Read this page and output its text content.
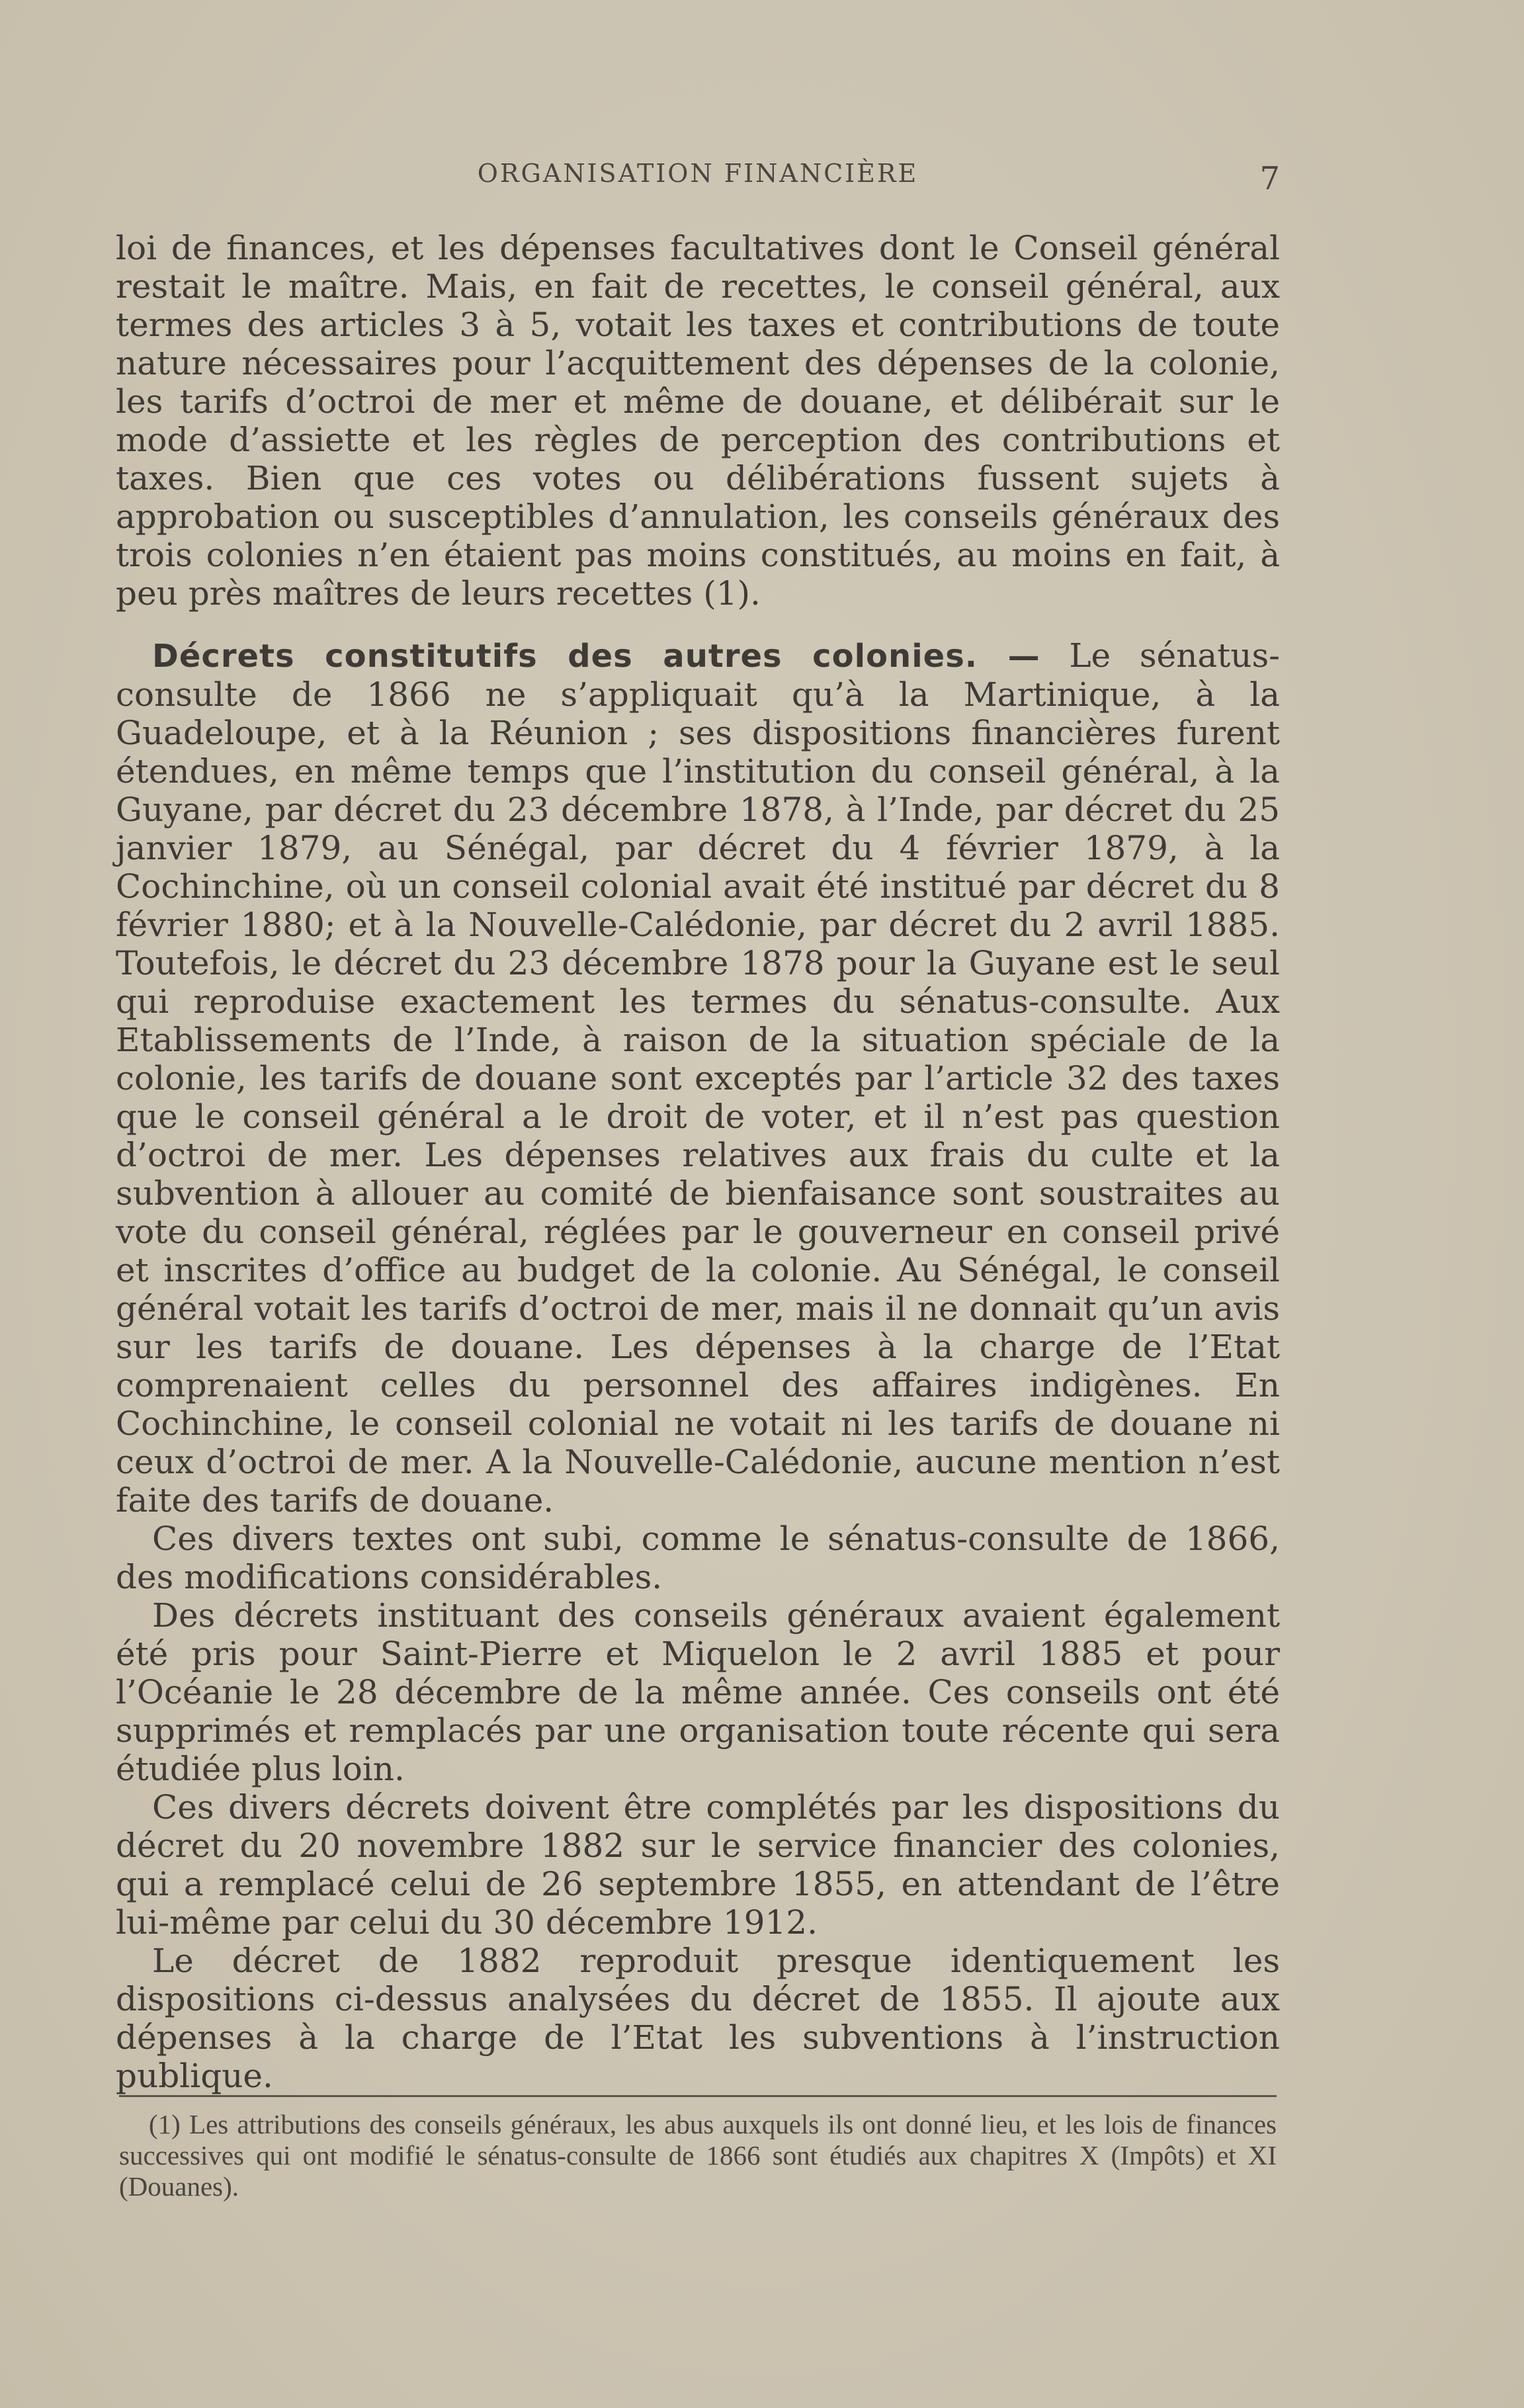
ORGANISATION FINANCIÈRE	7

loi de finances, et les dépenses facultatives dont le Conseil général restait le maître. Mais, en fait de recettes, le conseil général, aux termes des articles 3 à 5, votait les taxes et contributions de toute nature nécessaires pour l’acquittement des dépenses de la colonie, les tarifs d’octroi de mer et même de douane, et délibérait sur le mode d’assiette et les règles de perception des contributions et taxes. Bien que ces votes ou délibérations fussent sujets à approbation ou susceptibles d’annulation, les conseils généraux des trois colonies n’en étaient pas moins constitués, au moins en fait, à peu près maîtres de leurs recettes (1).

Décrets constitutifs des autres colonies. — Le sénatus-consulte de 1866 ne s’appliquait qu’à la Martinique, à la Guadeloupe, et à la Réunion ; ses dispositions financières furent étendues, en même temps que l’institution du conseil général, à la Guyane, par décret du 23 décembre 1878, à l’Inde, par décret du 25 janvier 1879, au Sénégal, par décret du 4 février 1879, à la Cochinchine, où un conseil colonial avait été institué par décret du 8 février 1880; et à la Nouvelle-Calédonie, par décret du 2 avril 1885. Toutefois, le décret du 23 décembre 1878 pour la Guyane est le seul qui reproduise exactement les termes du sénatus-consulte. Aux Etablissements de l’Inde, à raison de la situation spéciale de la colonie, les tarifs de douane sont exceptés par l’article 32 des taxes que le conseil général a le droit de voter, et il n’est pas question d’octroi de mer. Les dépenses relatives aux frais du culte et la subvention à allouer au comité de bienfaisance sont soustraites au vote du conseil général, réglées par le gouverneur en conseil privé et inscrites d’office au budget de la colonie. Au Sénégal, le conseil général votait les tarifs d’octroi de mer, mais il ne donnait qu’un avis sur les tarifs de douane. Les dépenses à la charge de l’Etat comprenaient celles du personnel des affaires indigènes. En Cochinchine, le conseil colonial ne votait ni les tarifs de douane ni ceux d’octroi de mer. A la Nouvelle-Calédonie, aucune mention n’est faite des tarifs de douane.

Ces divers textes ont subi, comme le sénatus-consulte de 1866, des modifications considérables.

Des décrets instituant des conseils généraux avaient également été pris pour Saint-Pierre et Miquelon le 2 avril 1885 et pour l’Océanie le 28 décembre de la même année. Ces conseils ont été supprimés et remplacés par une organisation toute récente qui sera étudiée plus loin.

Ces divers décrets doivent être complétés par les dispositions du décret du 20 novembre 1882 sur le service financier des colonies, qui a remplacé celui de 26 septembre 1855, en attendant de l’être lui-même par celui du 30 décembre 1912.

Le décret de 1882 reproduit presque identiquement les dispositions ci-dessus analysées du décret de 1855. Il ajoute aux dépenses à la charge de l’Etat les subventions à l’instruction publique.

(1) Les attributions des conseils généraux, les abus auxquels ils ont donné lieu, et les lois de finances successives qui ont modifié le sénatus-consulte de 1866 sont étudiés aux chapitres X (Impôts) et XI (Douanes).
